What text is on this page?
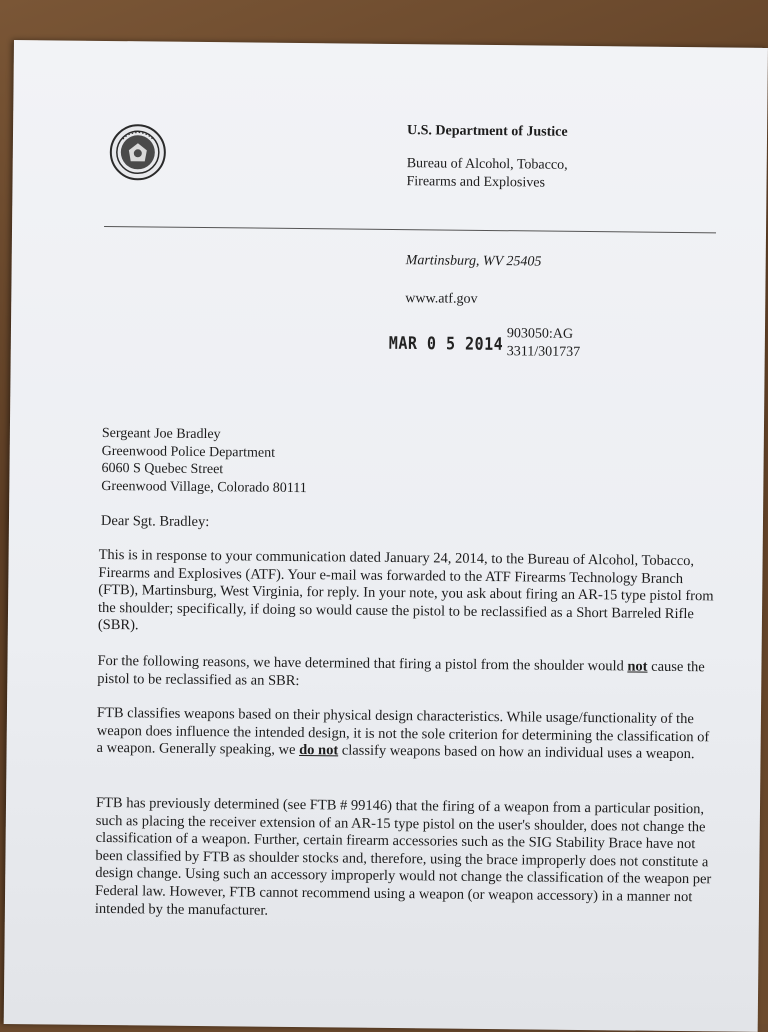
U.S. Department of Justice
Bureau of Alcohol, Tobacco,
Firearms and Explosives
Martinsburg, WV 25405
www.atf.gov
MAR 0 5 2014 903050:AG
3311/301737
Sergeant Joe Bradley
Greenwood Police Department
6060 S Quebec Street
Greenwood Village, Colorado 80111
Dear Sgt. Bradley:
This is in response to your communication dated January 24, 2014, to the Bureau of Alcohol, Tobacco, Firearms and Explosives (ATF). Your e-mail was forwarded to the ATF Firearms Technology Branch (FTB), Martinsburg, West Virginia, for reply. In your note, you ask about firing an AR-15 type pistol from the shoulder; specifically, if doing so would cause the pistol to be reclassified as a Short Barreled Rifle (SBR).
For the following reasons, we have determined that firing a pistol from the shoulder would not cause the pistol to be reclassified as an SBR:
FTB classifies weapons based on their physical design characteristics. While usage/functionality of the weapon does influence the intended design, it is not the sole criterion for determining the classification of a weapon. Generally speaking, we do not classify weapons based on how an individual uses a weapon.
FTB has previously determined (see FTB # 99146) that the firing of a weapon from a particular position, such as placing the receiver extension of an AR-15 type pistol on the user's shoulder, does not change the classification of a weapon. Further, certain firearm accessories such as the SIG Stability Brace have not been classified by FTB as shoulder stocks and, therefore, using the brace improperly does not constitute a design change. Using such an accessory improperly would not change the classification of the weapon per Federal law. However, FTB cannot recommend using a weapon (or weapon accessory) in a manner not intended by the manufacturer.
